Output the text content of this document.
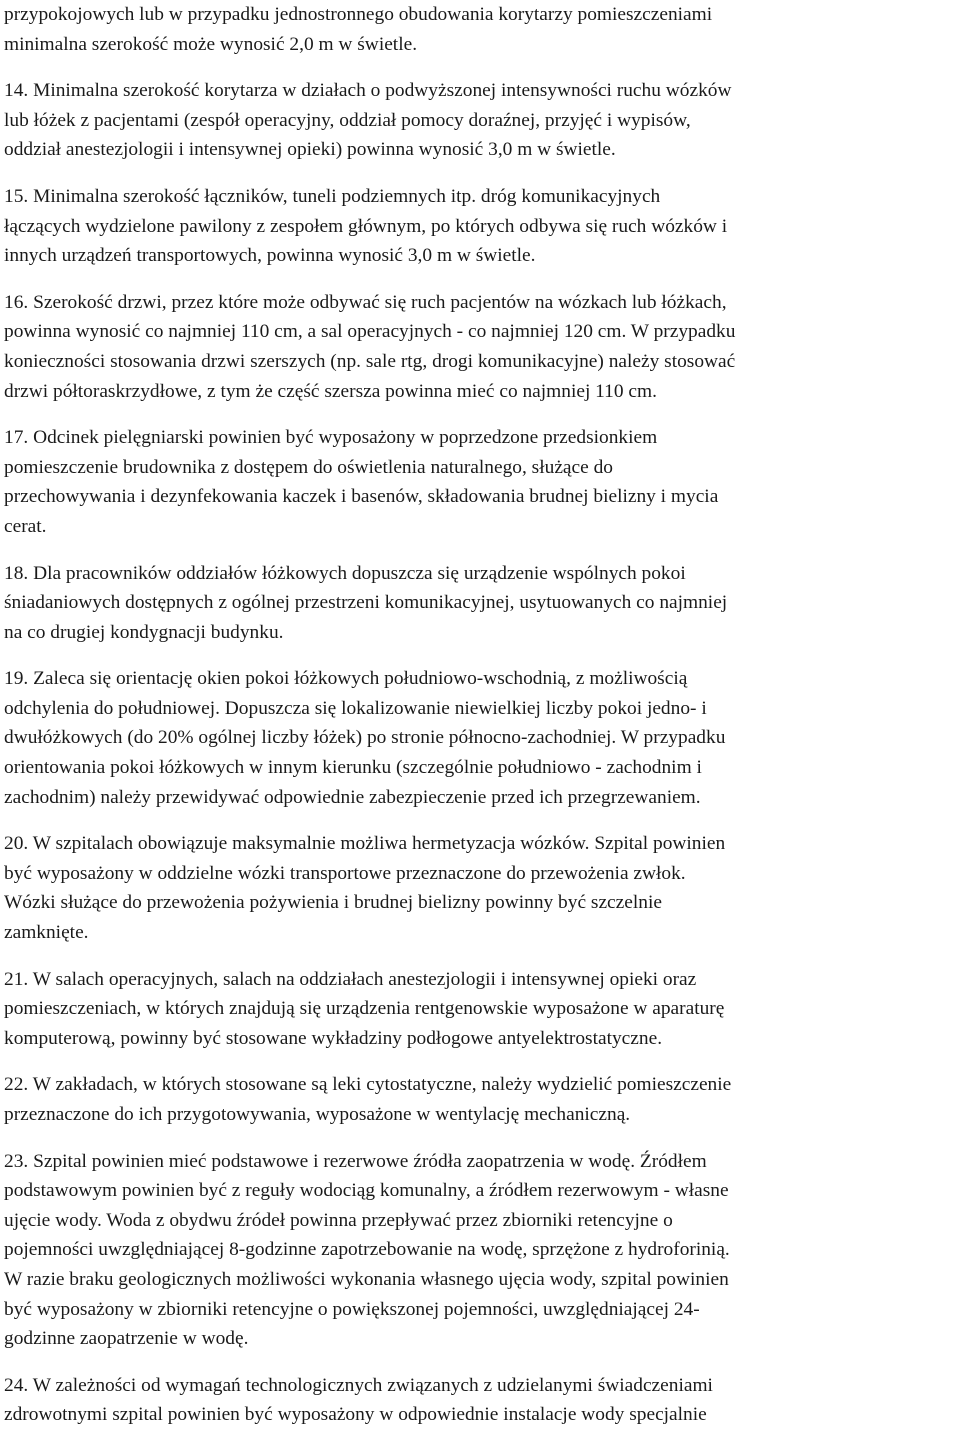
przypokojowych lub w przypadku jednostronnego obudowania korytarzy pomieszczeniami
minimalna szerokość może wynosić 2,0 m w świetle.
14. Minimalna szerokość korytarza w działach o podwyższonej intensywności ruchu wózków
lub łóżek z pacjentami (zespół operacyjny, oddział pomocy doraźnej, przyjęć i wypisów,
oddział anestezjologii i intensywnej opieki) powinna wynosić 3,0 m w świetle.
15. Minimalna szerokość łączników, tuneli podziemnych itp. dróg komunikacyjnych
łączących wydzielone pawilony z zespołem głównym, po których odbywa się ruch wózków i
innych urządzeń transportowych, powinna wynosić 3,0 m w świetle.
16. Szerokość drzwi, przez które może odbywać się ruch pacjentów na wózkach lub łóżkach,
powinna wynosić co najmniej 110 cm, a sal operacyjnych - co najmniej 120 cm. W przypadku
konieczności stosowania drzwi szerszych (np. sale rtg, drogi komunikacyjne) należy stosować
drzwi półtoraskrzydłowe, z tym że część szersza powinna mieć co najmniej 110 cm.
17. Odcinek pielęgniarski powinien być wyposażony w poprzedzone przedsionkiem
pomieszczenie brudownika z dostępem do oświetlenia naturalnego, służące do
przechowywania i dezynfekowania kaczek i basenów, składowania brudnej bielizny i mycia
cerat.
18. Dla pracowników oddziałów łóżkowych dopuszcza się urządzenie wspólnych pokoi
śniadaniowych dostępnych z ogólnej przestrzeni komunikacyjnej, usytuowanych co najmniej
na co drugiej kondygnacji budynku.
19. Zaleca się orientację okien pokoi łóżkowych południowo-wschodnią, z możliwością
odchylenia do południowej. Dopuszcza się lokalizowanie niewielkiej liczby pokoi jedno- i
dwułóżkowych (do 20% ogólnej liczby łóżek) po stronie północno-zachodniej. W przypadku
orientowania pokoi łóżkowych w innym kierunku (szczególnie południowo - zachodnim i
zachodnim) należy przewidywać odpowiednie zabezpieczenie przed ich przegrzewaniem.
20. W szpitalach obowiązuje maksymalnie możliwa hermetyzacja wózków. Szpital powinien
być wyposażony w oddzielne wózki transportowe przeznaczone do przewożenia zwłok.
Wózki służące do przewożenia pożywienia i brudnej bielizny powinny być szczelnie
zamknięte.
21. W salach operacyjnych, salach na oddziałach anestezjologii i intensywnej opieki oraz
pomieszczeniach, w których znajdują się urządzenia rentgenowskie wyposażone w aparaturę
komputerową, powinny być stosowane wykładziny podłogowe antyelektrostatyczne.
22. W zakładach, w których stosowane są leki cytostatyczne, należy wydzielić pomieszczenie
przeznaczone do ich przygotowywania, wyposażone w wentylację mechaniczną.
23. Szpital powinien mieć podstawowe i rezerwowe źródła zaopatrzenia w wodę. Źródłem
podstawowym powinien być z reguły wodociąg komunalny, a źródłem rezerwowym - własne
ujęcie wody. Woda z obydwu źródeł powinna przepływać przez zbiorniki retencyjne o
pojemności uwzględniającej 8-godzinne zapotrzebowanie na wodę, sprzężone z hydroforinią.
W razie braku geologicznych możliwości wykonania własnego ujęcia wody, szpital powinien
być wyposażony w zbiorniki retencyjne o powiększonej pojemności, uwzględniającej 24-
godzinne zaopatrzenie w wodę.
24. W zależności od wymagań technologicznych związanych z udzielanymi świadczeniami
zdrowotnymi szpital powinien być wyposażony w odpowiednie instalacje wody specjalnie
